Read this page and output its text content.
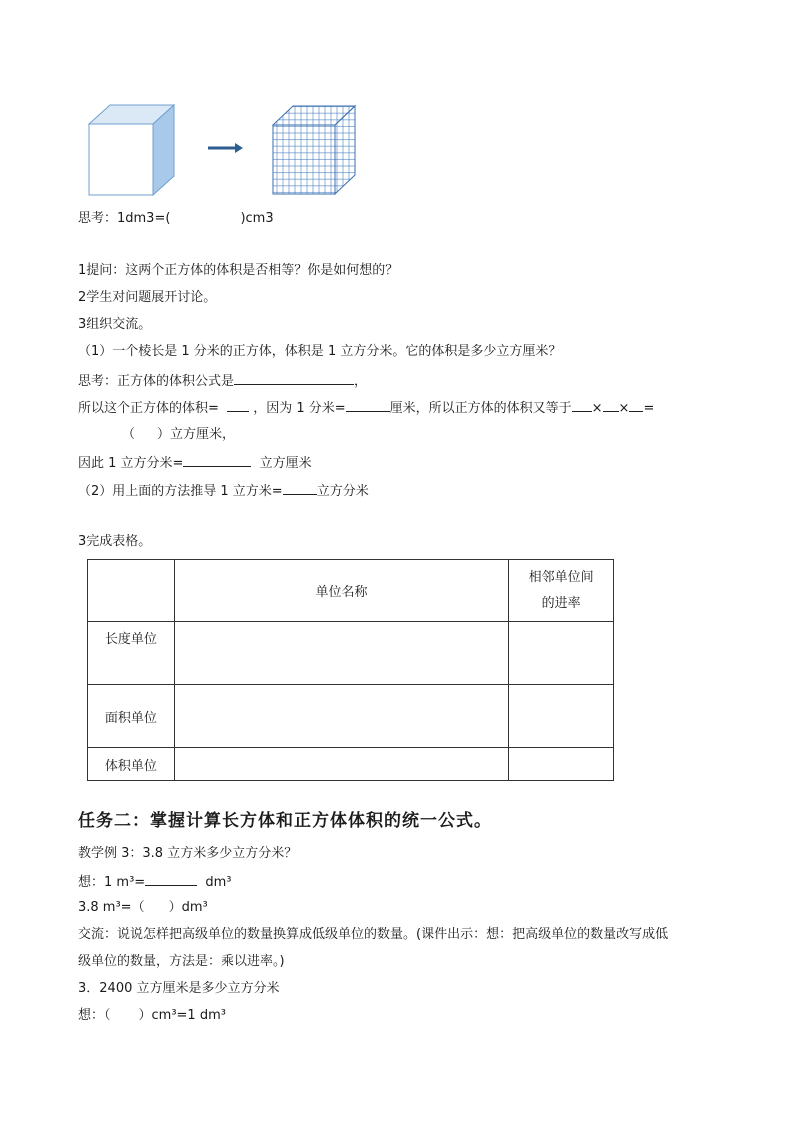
思考：1dm3=(	)cm3
1提问：这两个正方体的体积是否相等？你是如何想的？
2学生对问题展开讨论。
3组织交流。
（1）一个棱长是 1 分米的正方体，体积是 1 立方分米。它的体积是多少立方厘米？
思考：正方体的体积公式是	，
所以这个正方体的体积=	，因为 1 分米=	厘米，所以正方体的体积又等于 × × =
（ ）立方厘米，
因此 1 立方分米=	立方厘米
（2）用上面的方法推导 1 立方米=	立方分米
3完成表格。
	单位名称	相邻单位间
的进率
长度单位		
面积单位		
体积单位		
任务二：掌握计算长方体和正方体体积的统一公式。
教学例 3：3.8 立方米多少立方分米？
想：1 m³=	dm³
3.8 m³=（ ）dm³
交流：说说怎样把高级单位的数量换算成低级单位的数量。(课件出示：想：把高级单位的数量改写成低
级单位的数量，方法是：乘以进率。)
3．2400 立方厘米是多少立方分米
想：（ ）cm³=1 dm³
